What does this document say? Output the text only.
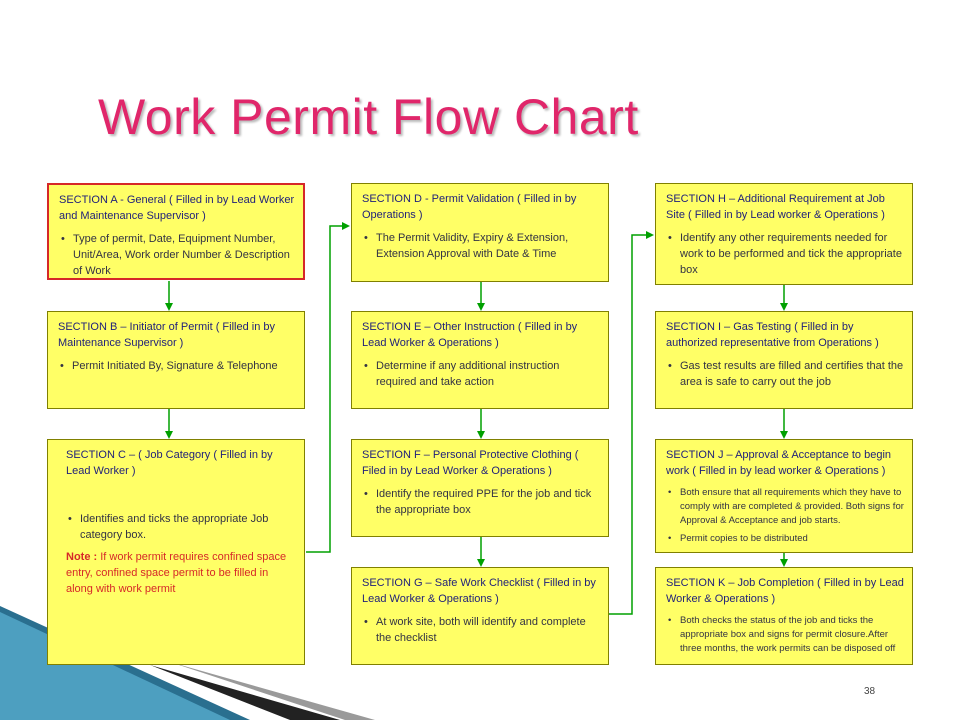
Work Permit Flow Chart
SECTION A - General ( Filled in by Lead Worker and Maintenance Supervisor )
• Type of permit, Date, Equipment Number, Unit/Area, Work order Number & Description of Work
SECTION B – Initiator of Permit ( Filled in by Maintenance Supervisor )
• Permit Initiated By, Signature & Telephone
SECTION C – ( Job Category ( Filled in by Lead Worker )
• Identifies and ticks the appropriate Job category box.
Note : If work permit requires confined space entry, confined space permit to be filled in along with work permit
SECTION D - Permit Validation ( Filled in by Operations )
• The Permit Validity, Expiry & Extension, Extension Approval with Date & Time
SECTION E – Other Instruction ( Filled in by Lead Worker & Operations )
• Determine if any additional instruction required and take action
SECTION F – Personal Protective Clothing ( Filed in by Lead Worker & Operations )
• Identify the required PPE for the job and tick the appropriate box
SECTION G – Safe Work Checklist ( Filled in by Lead Worker & Operations )
• At work site, both will identify and complete the checklist
SECTION H – Additional Requirement at Job Site ( Filled in by Lead worker & Operations )
• Identify any other requirements needed for work to be performed and tick the appropriate box
SECTION I – Gas Testing ( Filled in by authorized representative from Operations )
• Gas test results are filled and certifies that the area is safe to carry out the job
SECTION J – Approval & Acceptance to begin work ( Filled in by lead worker & Operations )
• Both ensure that all requirements which they have to comply with are completed & provided. Both signs for Approval & Acceptance and job starts.
• Permit copies to be distributed
SECTION K – Job Completion ( Filled in by Lead Worker & Operations )
• Both checks the status of the job and ticks the appropriate box and signs for permit closure.After three months, the work permits can be disposed off
38
